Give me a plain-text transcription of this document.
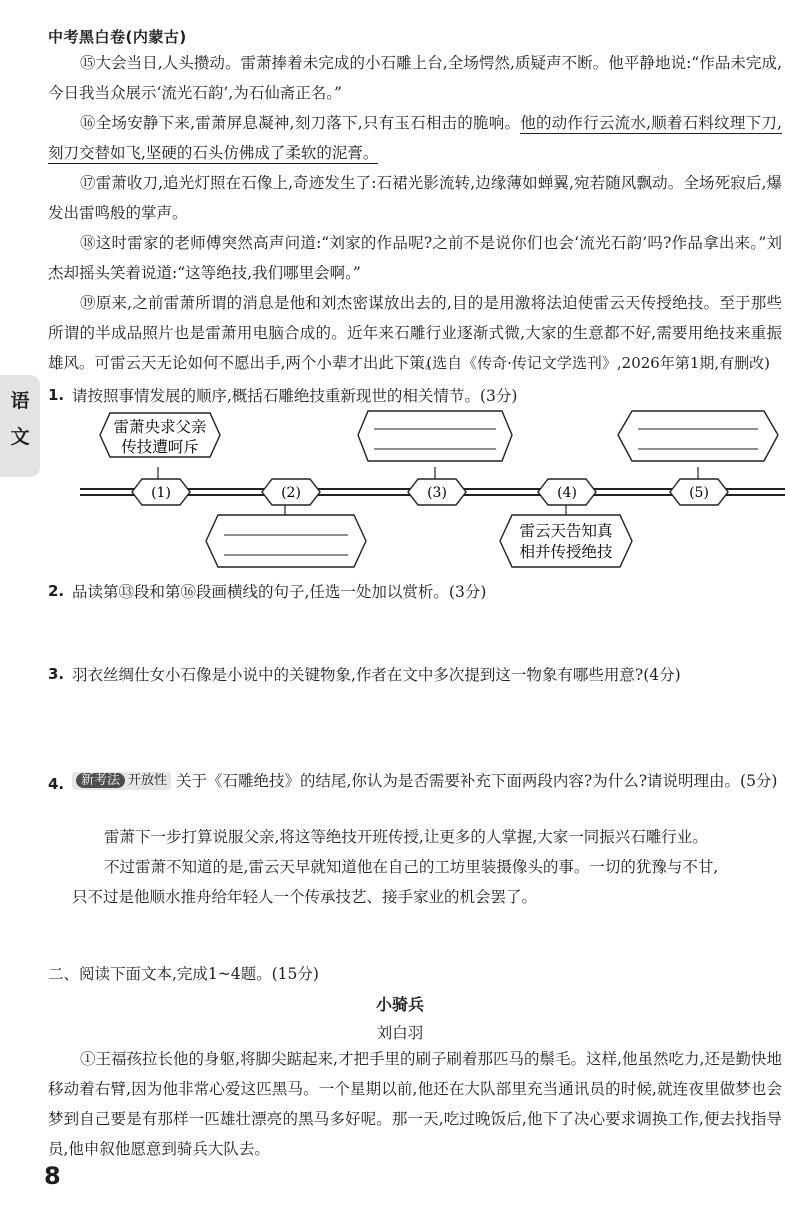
中考黑白卷(内蒙古)

⑮大会当日,人头攒动。雷萧捧着未完成的小石雕上台,全场愕然,质疑声不断。他平静地说:“作品未完成,今日我当众展示‘流光石韵’,为石仙斋正名。”

⑯全场安静下来,雷萧屏息凝神,刻刀落下,只有玉石相击的脆响。他的动作行云流水,顺着石料纹理下刀,刻刀交替如飞,坚硬的石头仿佛成了柔软的泥膏。

⑰雷萧收刀,追光灯照在石像上,奇迹发生了:石裙光影流转,边缘薄如蝉翼,宛若随风飘动。全场死寂后,爆发出雷鸣般的掌声。

⑱这时雷家的老师傅突然高声问道:“刘家的作品呢?之前不是说你们也会‘流光石韵’吗?作品拿出来。”刘杰却摇头笑着说道:“这等绝技,我们哪里会啊。”

⑲原来,之前雷萧所谓的消息是他和刘杰密谋放出去的,目的是用激将法迫使雷云天传授绝技。至于那些所谓的半成品照片也是雷萧用电脑合成的。近年来石雕行业逐渐式微,大家的生意都不好,需要用绝技来重振雄风。可雷云天无论如何不愿出手,两个小辈才出此下策。

(选自《传奇·传记文学选刊》,2026年第1期,有删改)
语
文
1. 请按照事情发展的顺序,概括石雕绝技重新现世的相关情节。(3分)
雷萧央求父亲
传技遭呵斥
雷云天告知真
相并传授绝技
(1)	(2)	(3)	(4)	(5)
2. 品读第⑬段和第⑯段画横线的句子,任选一处加以赏析。(3分)
3. 羽衣丝绸仕女小石像是小说中的关键物象,作者在文中多次提到这一物象有哪些用意?(4分)
4.	新考法 开放性 关于《石雕绝技》的结尾,你认为是否需要补充下面两段内容?为什么?请说明理由。(5分)

雷萧下一步打算说服父亲,将这等绝技开班传授,让更多的人掌握,大家一同振兴石雕行业。

不过雷萧不知道的是,雷云天早就知道他在自己的工坊里装摄像头的事。一切的犹豫与不甘,

只不过是他顺水推舟给年轻人一个传承技艺、接手家业的机会罢了。

二、阅读下面文本,完成1~4题。(15分)
小骑兵
刘白羽

①王福孩拉长他的身躯,将脚尖踮起来,才把手里的刷子刷着那匹马的鬃毛。这样,他虽然吃力,还是勤快地移动着右臂,因为他非常心爱这匹黑马。一个星期以前,他还在大队部里充当通讯员的时候,就连夜里做梦也会梦到自己要是有那样一匹雄壮漂亮的黑马多好呢。那一天,吃过晚饭后,他下了决心要求调换工作,便去找指导员,他申叙他愿意到骑兵大队去。

8
